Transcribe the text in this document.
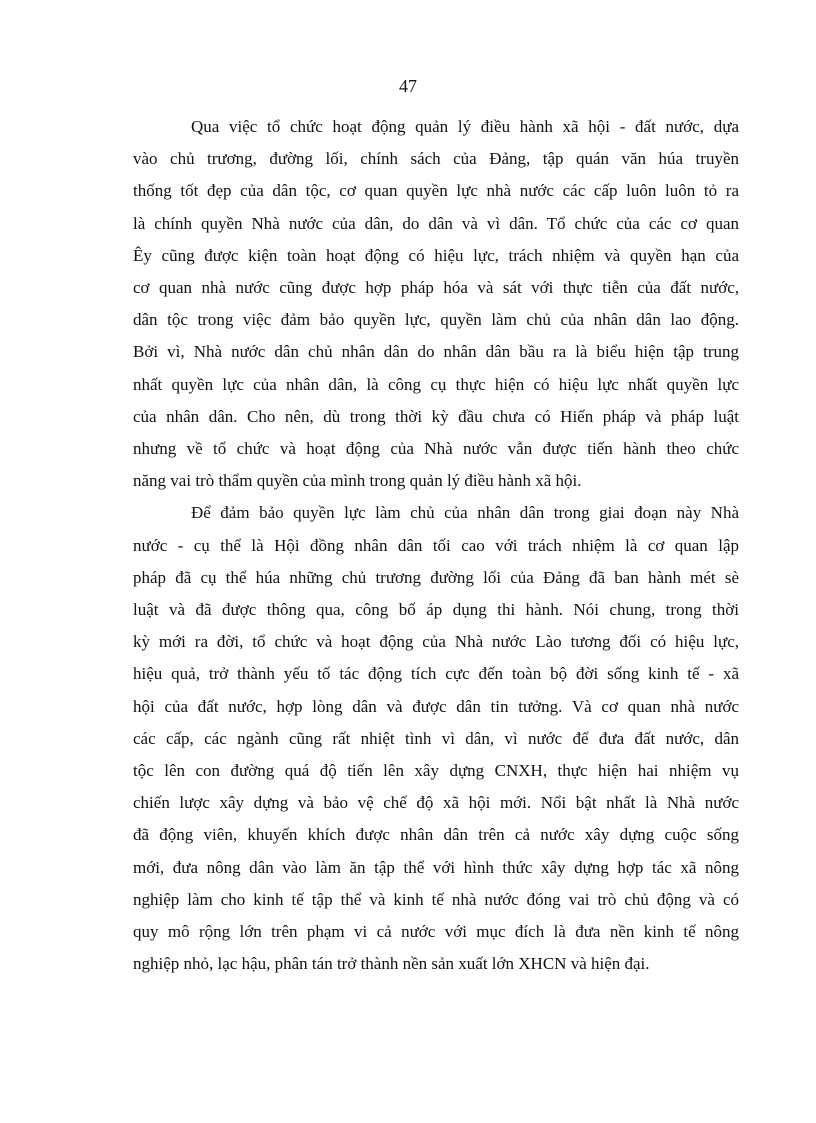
47

Qua việc tổ chức hoạt động quản lý điều hành xã hội - đất nước, dựa
vào chủ trương, đường lối, chính sách của Đảng, tập quán văn húa truyền
thống tốt đẹp của dân tộc, cơ quan quyền lực nhà nước các cấp luôn luôn tỏ ra
là chính quyền Nhà nước của dân, do dân và vì dân. Tổ chức của các cơ quan
Êy cũng được kiện toàn hoạt động có hiệu lực, trách nhiệm và quyền hạn của
cơ quan nhà nước cũng được hợp pháp hóa và sát với thực tiễn của đất nước,
dân tộc trong việc đảm bảo quyền lực, quyền làm chủ của nhân dân lao động.
Bởi vì, Nhà nước dân chủ nhân dân do nhân dân bầu ra là biểu hiện tập trung
nhất quyền lực của nhân dân, là công cụ thực hiện có hiệu lực nhất quyền lực
của nhân dân. Cho nên, dù trong thời kỳ đầu chưa có Hiến pháp và pháp luật
nhưng về tổ chức và hoạt động của Nhà nước vẫn được tiến hành theo chức
năng vai trò thẩm quyền của mình trong quản lý điều hành xã hội.

Để đảm bảo quyền lực làm chủ của nhân dân trong giai đoạn này Nhà
nước - cụ thể là Hội đồng nhân dân tối cao với trách nhiệm là cơ quan lập
pháp đã cụ thể húa những chủ trương đường lối của Đảng đã ban hành mét sè
luật và đã được thông qua, công bố áp dụng thi hành. Nói chung, trong thời
kỳ mới ra đời, tổ chức và hoạt động của Nhà nước Lào tương đối có hiệu lực,
hiệu quả, trở thành yếu tố tác động tích cực đến toàn bộ đời sống kinh tế - xã
hội của đất nước, hợp lòng dân và được dân tin tưởng. Và cơ quan nhà nước
các cấp, các ngành cũng rất nhiệt tình vì dân, vì nước để đưa đất nước, dân
tộc lên con đường quá độ tiến lên xây dựng CNXH, thực hiện hai nhiệm vụ
chiến lược xây dựng và bảo vệ chế độ xã hội mới. Nổi bật nhất là Nhà nước
đã động viên, khuyến khích được nhân dân trên cả nước xây dựng cuộc sống
mới, đưa nông dân vào làm ăn tập thể với hình thức xây dựng hợp tác xã nông
nghiệp làm cho kinh tế tập thể và kinh tế nhà nước đóng vai trò chủ động và có
quy mô rộng lớn trên phạm vi cả nước với mục đích là đưa nền kinh tế nông
nghiệp nhỏ, lạc hậu, phân tán trở thành nền sản xuất lớn XHCN và hiện đại.
